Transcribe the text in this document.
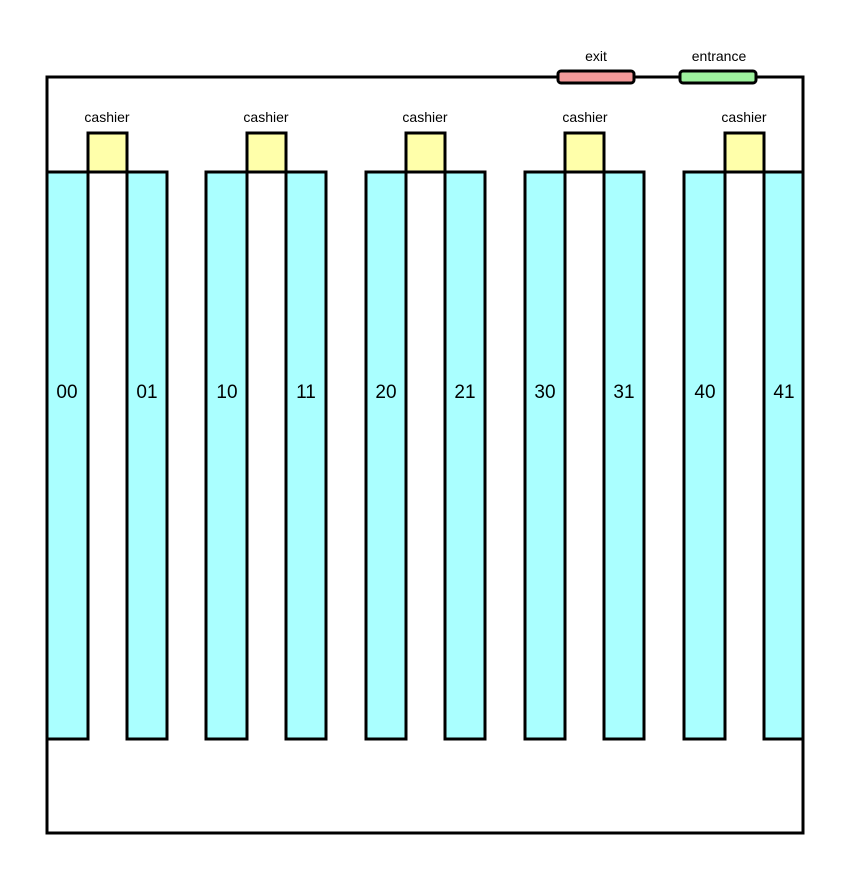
exit	entrance
cashier
00	01
cashier
10	11
cashier
20	21
cashier
30	31
cashier
40	41
